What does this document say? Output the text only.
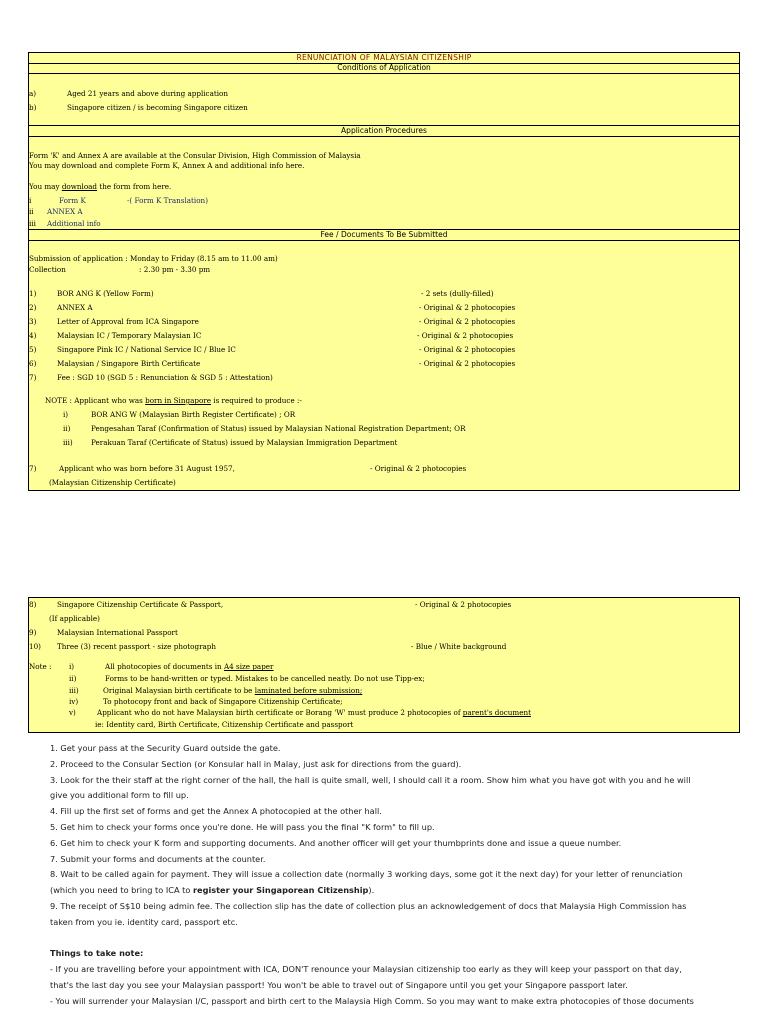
RENUNCIATION OF MALAYSIAN CITIZENSHIP
Conditions of Application
a)	Aged 21 years and above during application
b)	Singapore citizen / is becoming Singapore citizen
Application Procedures
Form 'K' and Annex A are available at the Consular Division, High Commission of Malaysia
You may download and complete Form K, Annex A and additional info here.
You may download the form from here.
i	Form K	-( Form K Translation)
ii ANNEX A
iii Additional info
Fee / Documents To Be Submitted
Submission of application : Monday to Friday (8.15 am to 11.00 am)
Collection	: 2.30 pm - 3.30 pm
1)	BOR ANG K (Yellow Form)	- 2 sets (dully-filled)
2)	ANNEX A	- Original & 2 photocopies
3)	Letter of Approval from ICA Singapore	- Original & 2 photocopies
4)	Malaysian IC / Temporary Malaysian IC	- Original & 2 photocopies
5)	Singapore Pink IC / National Service IC / Blue IC	- Original & 2 photocopies
6)	Malaysian / Singapore Birth Certificate	- Original & 2 photocopies
7)	Fee : SGD 10 (SGD 5 : Renunciation & SGD 5 : Attestation)
NOTE : Applicant who was born in Singapore is required to produce :-
i)	BOR ANG W (Malaysian Birth Register Certificate) ; OR
ii)	Pengesahan Taraf (Confirmation of Status) issued by Malaysian National Registration Department; OR
iii)	Perakuan Taraf (Certificate of Status) issued by Malaysian Immigration Department
7)	Applicant who was born before 31 August 1957,	- Original & 2 photocopies
(Malaysian Citizenship Certificate)
8)	Singapore Citizenship Certificate & Passport,	- Original & 2 photocopies
(If applicable)
9)	Malaysian International Passport
10) Three (3) recent passport - size photograph	- Blue / White background
Note : i)	All photocopies of documents in A4 size paper
ii)	Forms to be hand-written or typed. Mistakes to be cancelled neatly. Do not use Tipp-ex;
iii)	Original Malaysian birth certificate to be laminated before submission;
iv)	To photocopy front and back of Singapore Citizenship Certificate;
v)	Applicant who do not have Malaysian birth certificate or Borang 'W' must produce 2 photocopies of parent's document
ie: Identity card, Birth Certificate, Citizenship Certificate and passport
1. Get your pass at the Security Guard outside the gate.
2. Proceed to the Consular Section (or Konsular hall in Malay, just ask for directions from the guard).
3. Look for the their staff at the right corner of the hall, the hall is quite small, well, I should call it a room. Show him what you have got with you and he will
give you additional form to fill up.
4. Fill up the first set of forms and get the Annex A photocopied at the other hall.
5. Get him to check your forms once you're done. He will pass you the final "K form" to fill up.
6. Get him to check your K form and supporting documents. And another officer will get your thumbprints done and issue a queue number.
7. Submit your forms and documents at the counter.
8. Wait to be called again for payment. They will issue a collection date (normally 3 working days, some got it the next day) for your letter of renunciation
(which you need to bring to ICA to register your Singaporean Citizenship).
9. The receipt of S$10 being admin fee. The collection slip has the date of collection plus an acknowledgement of docs that Malaysia High Commission has
taken from you ie. identity card, passport etc.

Things to take note:
- If you are travelling before your appointment with ICA, DON'T renounce your Malaysian citizenship too early as they will keep your passport on that day,
that's the last day you see your Malaysian passport! You won't be able to travel out of Singapore until you get your Singapore passport later.
- You will surrender your Malaysian I/C, passport and birth cert to the Malaysia High Comm. So you may want to make extra photocopies of those documents
